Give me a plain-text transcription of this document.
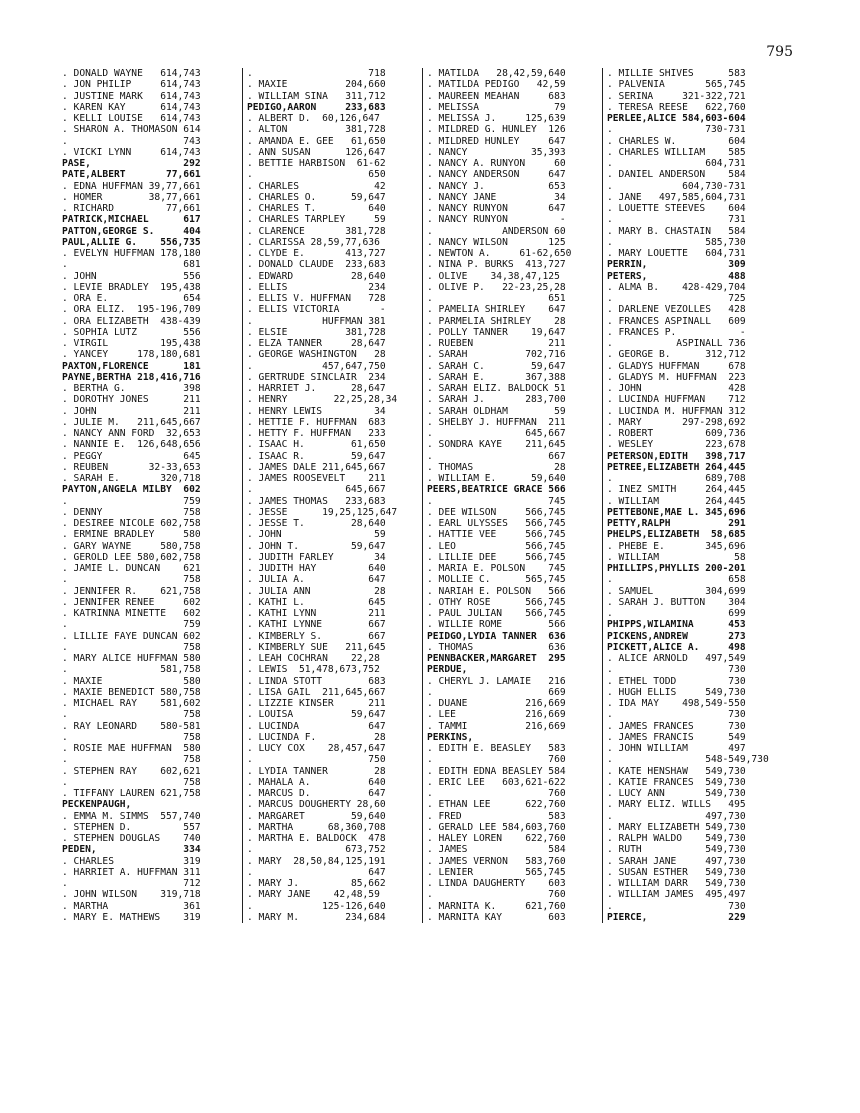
795
. DONALD WAYNE   614,743
. JON PHILIP     614,743
. JUSTINE MARK   614,743
. KAREN KAY      614,743
. KELLI LOUISE   614,743
. SHARON A. THOMASON 614
.                    743
. VICKI LYNN     614,743
PASE,                292
PATE,ALBERT       77,661
. EDNA HUFFMAN 39,77,661
. HOMER        38,77,661
. RICHARD         77,661
PATRICK,MICHAEL      617
PATTON,GEORGE S.     404
PAUL,ALLIE G.    556,735
. EVELYN HUFFMAN 178,180
.                    681
. JOHN               556
. LEVIE BRADLEY  195,438
. ORA E.             654
. ORA ELIZ.  195-196,709
. ORA ELIZABETH  438-439
. SOPHIA LUTZ        556
. VIRGIL         195,438
. YANCEY     178,180,681
PAXTON,FLORENCE      181
PAYNE,BERTHA 218,416,716
. BERTHA G.          398
. DOROTHY JONES      211
. JOHN               211
. JULIE M.   211,645,667
. NANCY ANN FORD  32,653
. NANNIE E.  126,648,656
. PEGGY              645
. REUBEN       32-33,653
. SARAH E.       320,718
PAYTON,ANGELA MILBY  602
.                    759
. DENNY              758
. DESIREE NICOLE 602,758
. ERMINE BRADLEY     580
. GARY WAYNE     580,758
. GEROLD LEE 580,602,758
. JAMIE L. DUNCAN    621
.                    758
. JENNIFER R.    621,758
. JENNIFER RENEE     602
. KATRINNA MINETTE   602
.                    759
. LILLIE FAYE DUNCAN 602
.                    758
. MARY ALICE HUFFMAN 580
.                581,758
. MAXIE              580
. MAXIE BENEDICT 580,758
. MICHAEL RAY    581,602
.                    758
. RAY LEONARD    580-581
.                    758
. ROSIE MAE HUFFMAN  580
.                    758
. STEPHEN RAY    602,621
.                    758
. TIFFANY LAUREN 621,758
PECKENPAUGH,
. EMMA M. SIMMS  557,740
. STEPHEN D.         557
. STEPHEN DOUGLAS    740
PEDEN,               334
. CHARLES            319
. HARRIET A. HUFFMAN 311
.                    712
. JOHN WILSON    319,718
. MARTHA             361
. MARY E. MATHEWS    319
.                    718
. MAXIE          204,660
. WILLIAM SINA   311,712
PEDIGO,AARON     233,683
. ALBERT D.  60,126,647
. ALTON          381,728
. AMANDA E. GEE   61,650
. ANN SUSAN      126,647
. BETTIE HARBISON  61-62
.                    650
. CHARLES             42
. CHARLES O.      59,647
. CHARLES T.         640
. CHARLES TARPLEY     59
. CLARENCE       381,728
. CLARISSA 28,59,77,636
. CLYDE E.       413,727
. DONALD CLAUDE  233,683
. EDWARD          28,640
. ELLIS              234
. ELLIS V. HUFFMAN   728
. ELLIS VICTORIA       -
.            HUFFMAN 381
. ELSIE          381,728
. ELZA TANNER     28,647
. GEORGE WASHINGTON   28
.            457,647,750
. GERTRUDE SINCLAIR  234
. HARRIET J.      28,647
. HENRY        22,25,28,34
. HENRY LEWIS         34
. HETTIE F. HUFFMAN  683
. HETTY F. HUFFMAN   233
. ISAAC H.        61,650
. ISAAC R.        59,647
. JAMES DALE 211,645,667
. JAMES ROOSEVELT    211
.                645,667
. JAMES THOMAS   233,683
. JESSE      19,25,125,647
. JESSE T.        28,640
. JOHN                59
. JOHN T.         59,647
. JUDITH FARLEY       34
. JUDITH HAY         640
. JULIA A.           647
. JULIA ANN           28
. KATHI L.           645
. KATHI LYNN         211
. KATHI LYNNE        667
. KIMBERLY S.        667
. KIMBERLY SUE   211,645
. LEAH COCHRAN    22,28
. LEWIS  51,478,673,752
. LINDA STOTT        683
. LISA GAIL  211,645,667
. LIZZIE KINSER      211
. LOUISA          59,647
. LUCINDA            647
. LUCINDA F.          28
. LUCY COX    28,457,647
.                    750
. LYDIA TANNER        28
. MAHALA A.          640
. MARCUS D.          647
. MARCUS DOUGHERTY 28,60
. MARGARET        59,640
. MARTHA      68,360,708
. MARTHA E. BALDOCK  478
.                673,752
. MARY  28,50,84,125,191
.                    647
. MARY J.         85,662
. MARY JANE    42,48,59
.            125-126,640
. MARY M.        234,684
. MATILDA   28,42,59,640
. MATILDA PEDIGO   42,59
. MAUREEN MEAHAN     683
. MELISSA             79
. MELISSA J.     125,639
. MILDRED G. HUNLEY  126
. MILDRED HUNLEY     647
. NANCY           35,393
. NANCY A. RUNYON     60
. NANCY ANDERSON     647
. NANCY J.           653
. NANCY JANE          34
. NANCY RUNYON       647
. NANCY RUNYON         -
.            ANDERSON 60
. NANCY WILSON       125
. NEWTON A.     61-62,650
. NINA P. BURKS  413,727
. OLIVE    34,38,47,125
. OLIVE P.   22-23,25,28
.                    651
. PAMELIA SHIRLEY    647
. PARMELIA SHIRLEY    28
. POLLY TANNER    19,647
. RUEBEN             211
. SARAH          702,716
. SARAH C.        59,647
. SARAH E.       367,388
. SARAH ELIZ. BALDOCK 51
. SARAH J.       283,700
. SARAH OLDHAM        59
. SHELBY J. HUFFMAN  211
.                645,667
. SONDRA KAYE    211,645
.                    667
. THOMAS              28
. WILLIAM E.      59,640
PEERS,BEATRICE GRACE 566
.                    745
. DEE WILSON     566,745
. EARL ULYSSES   566,745
. HATTIE VEE     566,745
. LEO            566,745
. LILLIE DEE     566,745
. MARIA E. POLSON    745
. MOLLIE C.      565,745
. NARIAH E. POLSON   566
. OTHY ROSE      566,745
. PAUL JULIAN    566,745
. WILLIE ROME        566
PEIDGO,LYDIA TANNER  636
. THOMAS             636
PENNBACKER,MARGARET  295
PERDUE,
. CHERYL J. LAMAIE   216
.                    669
. DUANE          216,669
. LEE            216,669
. TAMMI          216,669
PERKINS,
. EDITH E. BEASLEY   583
.                    760
. EDITH EDNA BEASLEY 584
. ERIC LEE   603,621-622
.                    760
. ETHAN LEE      622,760
. FRED               583
. GERALD LEE 584,603,760
. HALEY LOREN    622,760
. JAMES              584
. JAMES VERNON   583,760
. LENIER         565,745
. LINDA DAUGHERTY    603
.                    760
. MARNITA K.     621,760
. MARNITA KAY        603
. MILLIE SHIVES      583
. PALVENIA       565,745
. SERINA     321-322,721
. TERESA REESE   622,760
PERLEE,ALICE 584,603-604
.                730-731
. CHARLES W.         604
. CHARLES WILLIAM    585
.                604,731
. DANIEL ANDERSON    584
.            604,730-731
. JANE   497,585,604,731
. LOUETTE STEEVES    604
.                    731
. MARY B. CHASTAIN   584
.                585,730
. MARY LOUETTE   604,731
PERRIN,              309
PETERS,              488
. ALMA B.    428-429,704
.                    725
. DARLENE VEZOLLES   428
. FRANCES ASPINALL   609
. FRANCES P.           -
.           ASPINALL 736
. GEORGE B.      312,712
. GLADYS HUFFMAN     678
. GLADYS M. HUFFMAN  223
. JOHN               428
. LUCINDA HUFFMAN    712
. LUCINDA M. HUFFMAN 312
. MARY       297-298,692
. ROBERT         609,736
. WESLEY         223,678
PETERSON,EDITH   398,717
PETREE,ELIZABETH 264,445
.                689,708
. INEZ SMITH     264,445
. WILLIAM        264,445
PETTEBONE,MAE L. 345,696
PETTY,RALPH          291
PHELPS,ELIZABETH  58,685
. PHEBE E.       345,696
. WILLIAM             58
PHILLIPS,PHYLLIS 200-201
.                    658
. SAMUEL         304,699
. SARAH J. BUTTON    304
.                    699
PHIPPS,WILAMINA      453
PICKENS,ANDREW       273
PICKETT,ALICE A.     498
. ALICE ARNOLD   497,549
.                    730
. ETHEL TODD         730
. HUGH ELLIS     549,730
. IDA MAY    498,549-550
.                    730
. JAMES FRANCES      730
. JAMES FRANCIS      549
. JOHN WILLIAM       497
.                548-549,730
. KATE HENSHAW   549,730
. KATIE FRANCES  549,730
. LUCY ANN       549,730
. MARY ELIZ. WILLS   495
.                497,730
. MARY ELIZABETH 549,730
. RALPH WALDO    549,730
. RUTH           549,730
. SARAH JANE     497,730
. SUSAN ESTHER   549,730
. WILLIAM DARR   549,730
. WILLIAM JAMES  495,497
.                    730
PIERCE,              229
